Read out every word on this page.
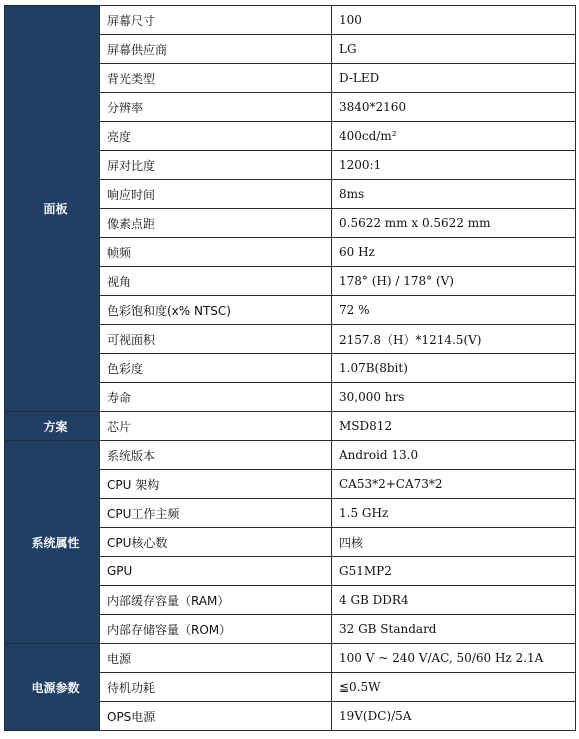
面板	屏幕尺寸	100
	屏幕供应商	LG
	背光类型	D-LED
	分辨率	3840*2160
	亮度	400cd/m²
	屏对比度	1200:1
	响应时间	8ms
	像素点距	0.5622 mm x 0.5622 mm
	帧频	60 Hz
	视角	178° (H) / 178° (V)
	色彩饱和度(x% NTSC)	72 %
	可视面积	2157.8（H）*1214.5(V)
	色彩度	1.07B(8bit)
	寿命	30,000 hrs
方案	芯片	MSD812
系统属性	系统版本	Android 13.0
	CPU 架构	CA53*2+CA73*2
	CPU工作主频	1.5 GHz
	CPU核心数	四核
	GPU	G51MP2
	内部缓存容量（RAM）	4 GB DDR4
	内部存储容量（ROM）	32 GB Standard
电源参数	电源	100 V ~ 240 V/AC, 50/60 Hz 2.1A
	待机功耗	≦0.5W
	OPS电源	19V(DC)/5A
